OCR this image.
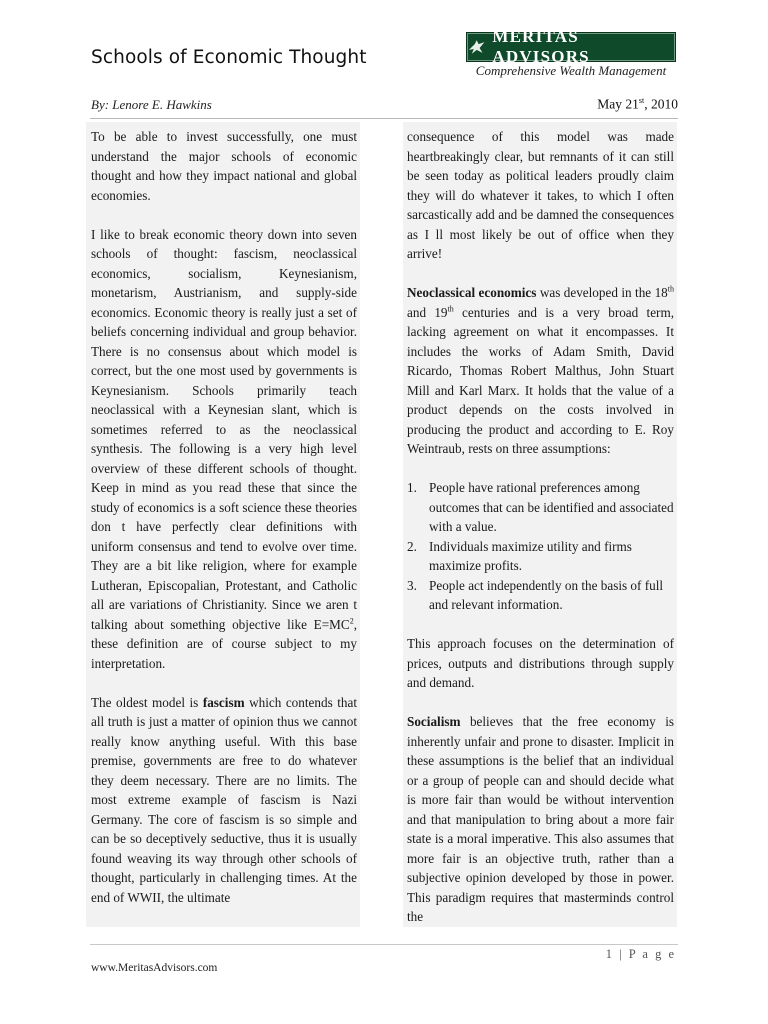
Schools of Economic Thought
MERITAS ADVISORS
Comprehensive Wealth Management
By: Lenore E. Hawkins	May 21st, 2010

To be able to invest successfully, one must understand the major schools of economic thought and how they impact national and global economies.

I like to break economic theory down into seven schools of thought: fascism, neoclassical economics, socialism, Keynesianism, monetarism, Austrianism, and supply-side economics. Economic theory is really just a set of beliefs concerning individual and group behavior. There is no consensus about which model is correct, but the one most used by governments is Keynesianism. Schools primarily teach neoclassical with a Keynesian slant, which is sometimes referred to as the neoclassical synthesis. The following is a very high level overview of these different schools of thought. Keep in mind as you read these that since the study of economics is a soft science these theories don t have perfectly clear definitions with uniform consensus and tend to evolve over time. They are a bit like religion, where for example Lutheran, Episcopalian, Protestant, and Catholic all are variations of Christianity. Since we aren t talking about something objective like $E=MC^2$, these definition are of course subject to my interpretation.

The oldest model is fascism which contends that all truth is just a matter of opinion thus we cannot really know anything useful. With this base premise, governments are free to do whatever they deem necessary. There are no limits. The most extreme example of fascism is Nazi Germany. The core of fascism is so simple and can be so deceptively seductive, thus it is usually found weaving its way through other schools of thought, particularly in challenging times. At the end of WWII, the ultimate

consequence of this model was made heartbreakingly clear, but remnants of it can still be seen today as political leaders proudly claim they will do whatever it takes, to which I often sarcastically add and be damned the consequences as I ll most likely be out of office when they arrive!

Neoclassical economics was developed in the 18th and 19th centuries and is a very broad term, lacking agreement on what it encompasses. It includes the works of Adam Smith, David Ricardo, Thomas Robert Malthus, John Stuart Mill and Karl Marx. It holds that the value of a product depends on the costs involved in producing the product and according to E. Roy Weintraub, rests on three assumptions:

1. People have rational preferences among outcomes that can be identified and associated with a value.
2. Individuals maximize utility and firms maximize profits.
3. People act independently on the basis of full and relevant information.

This approach focuses on the determination of prices, outputs and distributions through supply and demand.

Socialism believes that the free economy is inherently unfair and prone to disaster. Implicit in these assumptions is the belief that an individual or a group of people can and should decide what is more fair than would be without intervention and that manipulation to bring about a more fair state is a moral imperative. This also assumes that more fair is an objective truth, rather than a subjective opinion developed by those in power. This paradigm requires that masterminds control the

1 | P a g e
www.MeritasAdvisors.com
